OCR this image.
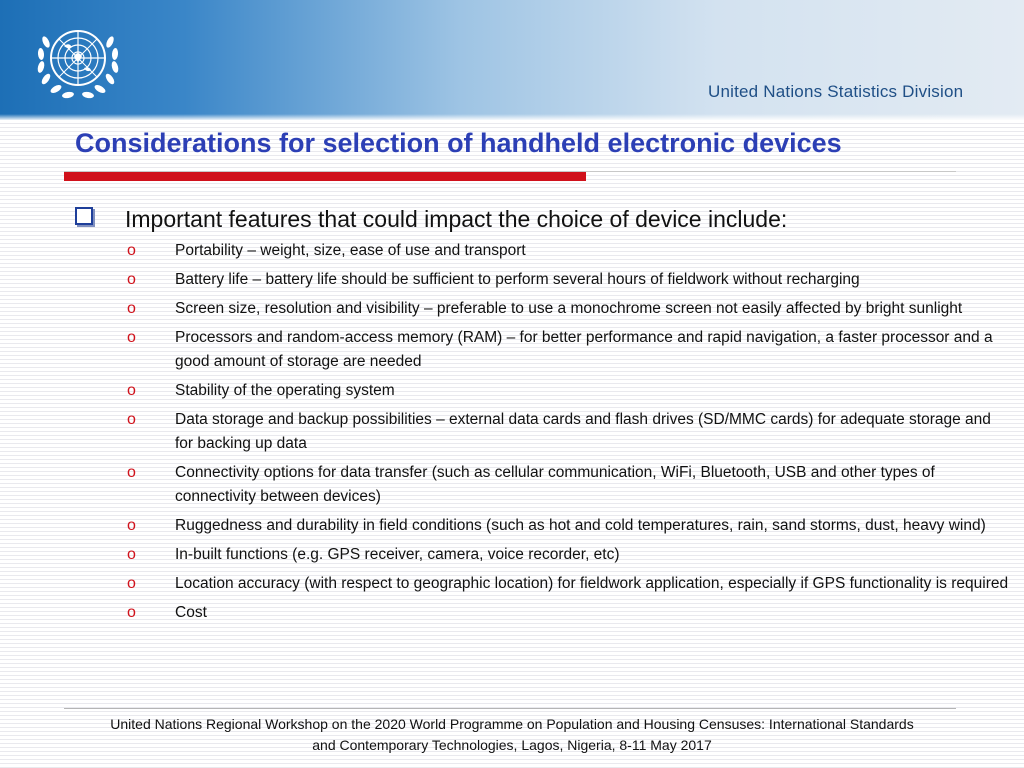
United Nations Statistics Division
Considerations for selection of handheld electronic devices
Important features that could impact the choice of device include:
o	Portability – weight, size, ease of use and transport
o	Battery life – battery life should be sufficient to perform several hours of fieldwork without recharging
o	Screen size, resolution and visibility – preferable to use a monochrome screen not easily affected by bright sunlight
o	Processors and random-access memory (RAM) – for better performance and rapid navigation, a faster processor and a good amount of storage are needed
o	Stability of the operating system
o	Data storage and backup possibilities – external data cards and flash drives (SD/MMC cards) for adequate storage and for backing up data
o	Connectivity options for data transfer (such as cellular communication, WiFi, Bluetooth, USB and other types of connectivity between devices)
o	Ruggedness and durability in field conditions (such as hot and cold temperatures, rain, sand storms, dust, heavy wind)
o	In-built functions (e.g. GPS receiver, camera, voice recorder, etc)
o	Location accuracy (with respect to geographic location) for fieldwork application, especially if GPS functionality is required
o	Cost
United Nations Regional Workshop on the 2020 World Programme on Population and Housing Censuses: International Standards
and Contemporary Technologies, Lagos, Nigeria, 8-11 May 2017
